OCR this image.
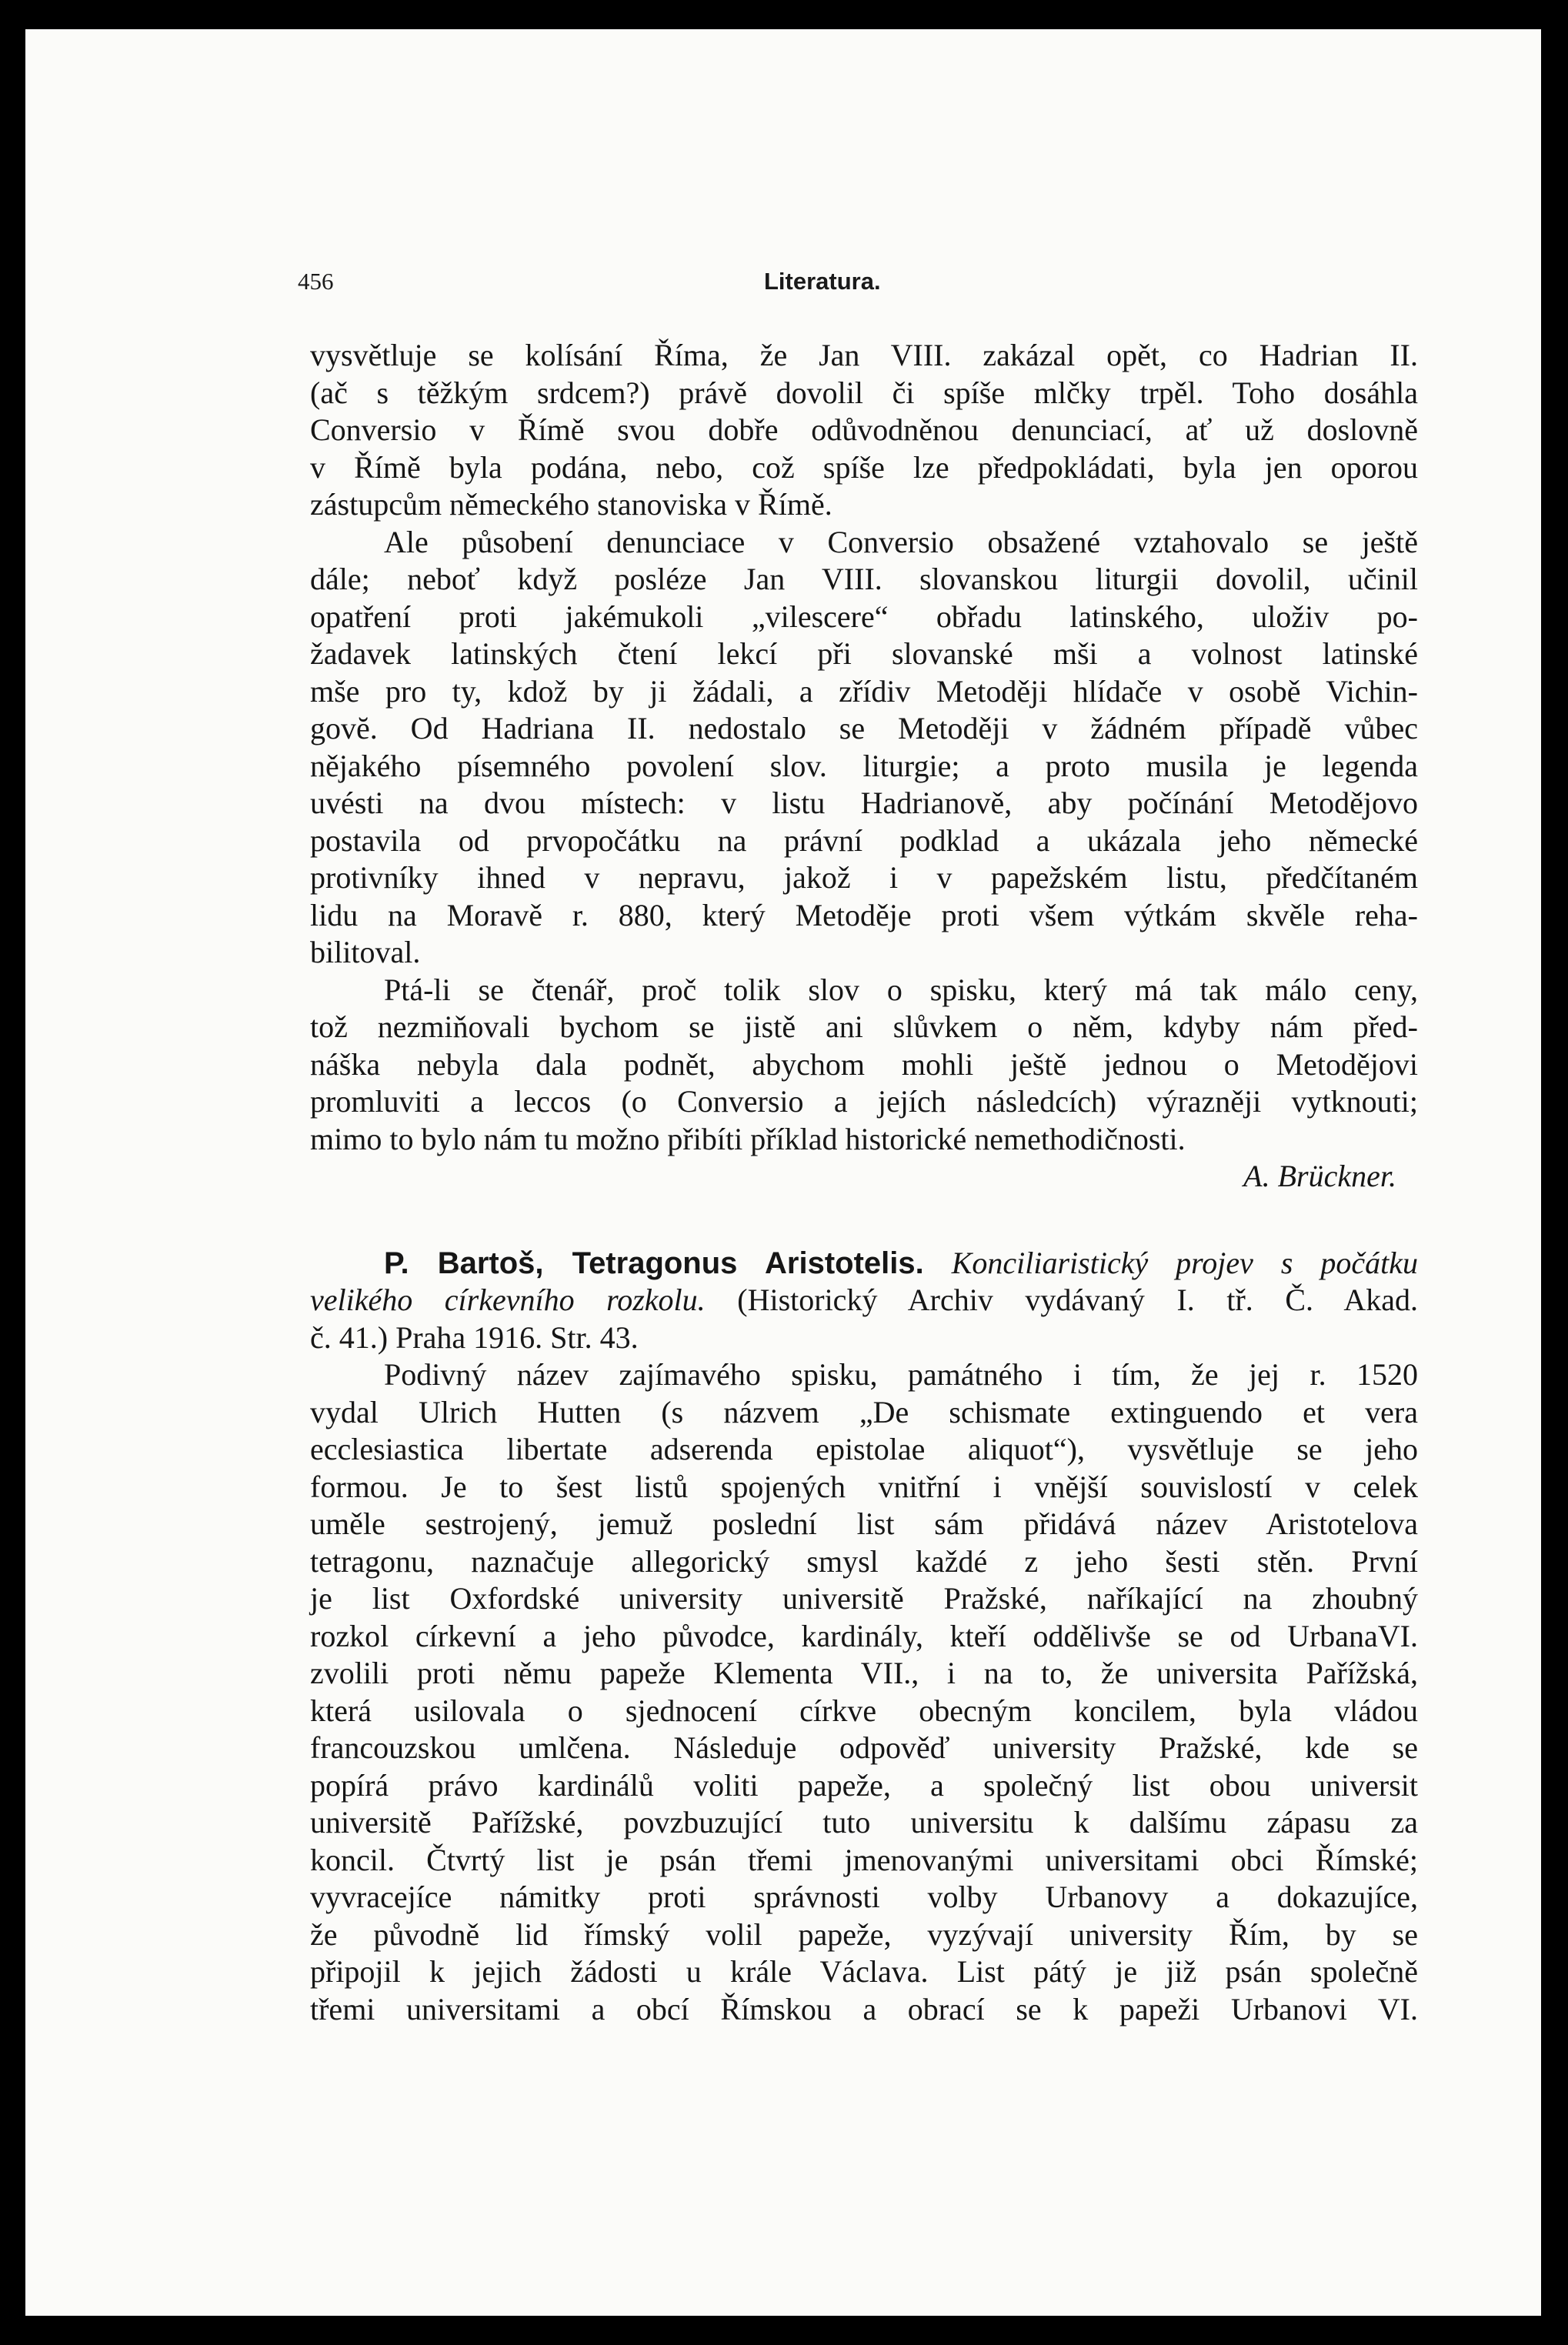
456	Literatura.
vysvětluje se kolísání Říma, že Jan VIII. zakázal opět, co Hadrian II.
(ač s těžkým srdcem?) právě dovolil či spíše mlčky trpěl. Toho dosáhla
Conversio v Římě svou dobře odůvodněnou denunciací, ať už doslovně
v Římě byla podána, nebo, což spíše lze předpokládati, byla jen oporou
zástupcům německého stanoviska v Římě.
Ale působení denunciace v Conversio obsažené vztahovalo se ještě
dále; neboť když posléze Jan VIII. slovanskou liturgii dovolil, učinil
opatření proti jakémukoli „vilescere“ obřadu latinského, uloživ po-
žadavek latinských čtení lekcí při slovanské mši a volnost latinské
mše pro ty, kdož by ji žádali, a zřídiv Metoději hlídače v osobě Vichin-
govĕ. Od Hadriana II. nedostalo se Metoději v žádném případě vůbec
nějakého písemného povolení slov. liturgie; a proto musila je legenda
uvésti na dvou místech: v listu Hadrianově, aby počínání Metodějovo
postavila od prvopočátku na právní podklad a ukázala jeho německé
protivníky ihned v nepravu, jakož i v papežském listu, předčítaném
lidu na Moravě r. 880, který Metoděje proti všem výtkám skvěle reha-
bilitoval.
Ptá-li se čtenář, proč tolik slov o spisku, který má tak málo ceny,
tož nezmiňovali bychom se jistě ani slůvkem o něm, kdyby nám před-
náška nebyla dala podnět, abychom mohli ještě jednou o Metodějovi
promluviti a leccos (o Conversio a jejích následcích) výrazněji vytknouti;
mimo to bylo nám tu možno přibíti příklad historické nemethodičnosti.
A. Brückner.
P. Bartoš, Tetragonus Aristotelis. Konciliaristický projev s počátku
velikého církevního rozkolu. (Historický Archiv vydávaný I. tř. Č. Akad.
č. 41.) Praha 1916. Str. 43.
Podivný název zajímavého spisku, památného i tím, že jej r. 1520
vydal Ulrich Hutten (s názvem „De schismate extinguendo et vera
ecclesiastica libertate adserenda epistolae aliquot“), vysvětluje se jeho
formou. Je to šest listů spojených vnitřní i vnější souvislostí v celek
uměle sestrojený, jemuž poslední list sám přidává název Aristotelova
tetragonu, naznačuje allegorický smysl každé z jeho šesti stěn. První
je list Oxfordské university universitě Pražské, naříkající na zhoubný
rozkol církevní a jeho původce, kardinály, kteří oddělivše se od UrbanaVI.
zvolili proti němu papeže Klementa VII., i na to, že universita Pařížská,
která usilovala o sjednocení církve obecným koncilem, byla vládou
francouzskou umlčena. Následuje odpověď university Pražské, kde se
popírá právo kardinálů voliti papeže, a společný list obou universit
universitě Pařížské, povzbuzující tuto universitu k dalšímu zápasu za
koncil. Čtvrtý list je psán třemi jmenovanými universitami obci Římské;
vyvracejíce námitky proti správnosti volby Urbanovy a dokazujíce,
že původně lid římský volil papeže, vyzývají university Řím, by se
připojil k jejich žádosti u krále Václava. List pátý je již psán společně
třemi universitami a obcí Římskou a obrací se k papeži Urbanovi VI.
